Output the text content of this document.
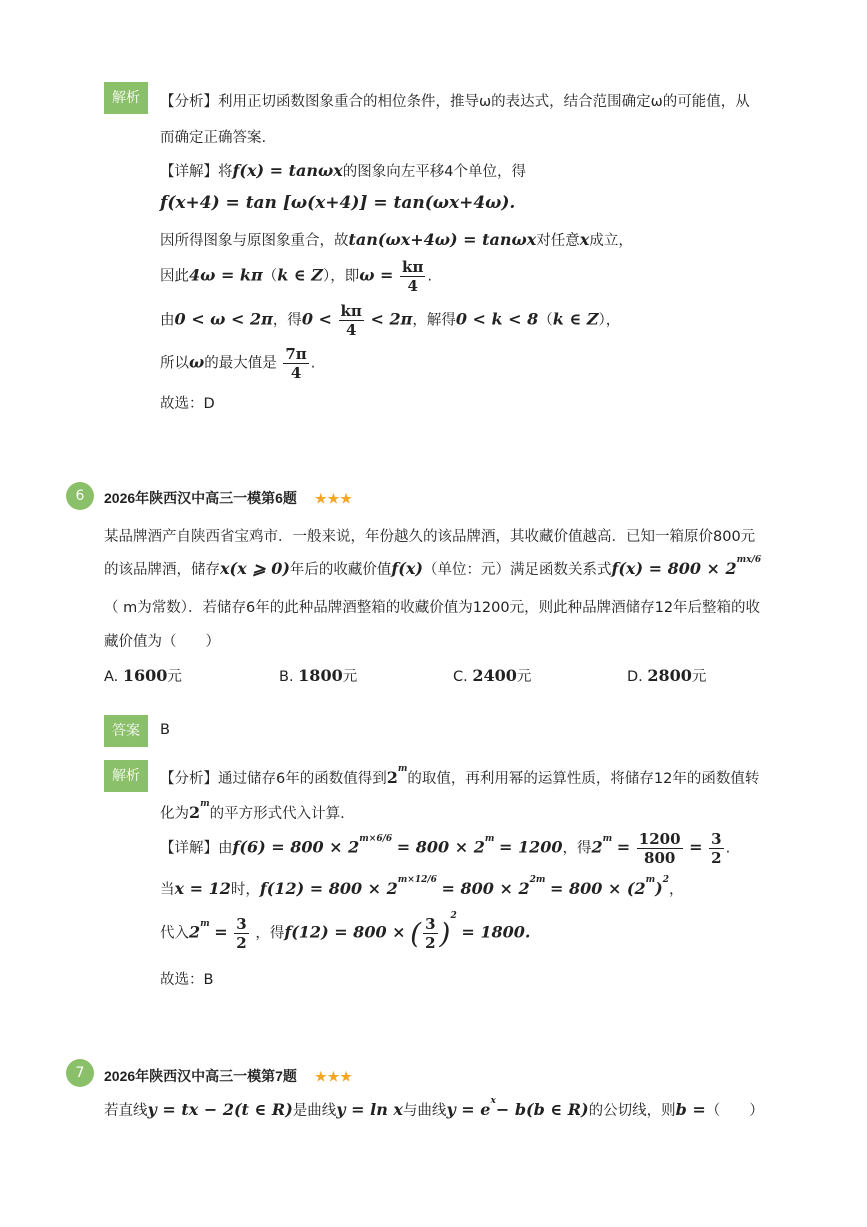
解析	【分析】利用正切函数图象重合的相位条件，推导ω的表达式，结合范围确定ω的可能值，从
而确定正确答案.
【详解】将f(x) = tanωx的图象向左平移4个单位，得
f(x+4) = tan [ω(x+4)] = tan(ωx+4ω).
因所得图象与原图象重合，故tan(ωx+4ω) = tanωx对任意x成立，
因此4ω = kπ（k ∈ Z），即$\omega = \frac{k\pi}{4}$ .
由0 < ω < 2π，得$0 < \frac{k\pi}{4} < 2\pi$，解得0 < k < 8（k ∈ Z），
所以ω的最大值是 $\frac{7\pi}{4}$ .
故选：D
6	2026年陕西汉中高三一模第6题 ★★★
某品牌酒产自陕西省宝鸡市．一般来说，年份越久的该品牌酒，其收藏价值越高．已知一箱原价800元
的该品牌酒，储存x(x ⩾ 0)年后的收藏价值f(x)（单位：元）满足函数关系式$f(x) = 800 \times 2^{mx/6}$
（ m为常数）．若储存6年的此种品牌酒整箱的收藏价值为1200元，则此种品牌酒储存12年后整箱的收
藏价值为（　　）
A. 1600元	B. 1800元	C. 2400元	D. 2800元
答案	B
解析	【分析】通过储存6年的函数值得到2$^m$的取值，再利用幂的运算性质，将储存12年的函数值转
化为2$^m$的平方形式代入计算.
【详解】由$f(6) = 800 \times 2^{m\times 6/6} = 800 \times 2^m = 1200$，得$2^m = \frac{1200}{800} = \frac{3}{2}$ .
当x = 12时，$f(12) = 800 \times 2^{m\times 12/6} = 800 \times 2^{2m} = 800 \times (2^m)^2$，
代入$2^m = \frac{3}{2}$ ，得f(12) = 800 × ( $\frac{3}{2} )^2 = 1800$.
故选：B
7	2026年陕西汉中高三一模第7题 ★★★
若直线y = tx − 2(t ∈ R)是曲线y = ln x与曲线$y = e^x- b(b$ ∈ R)的公切线，则b =（　　）
